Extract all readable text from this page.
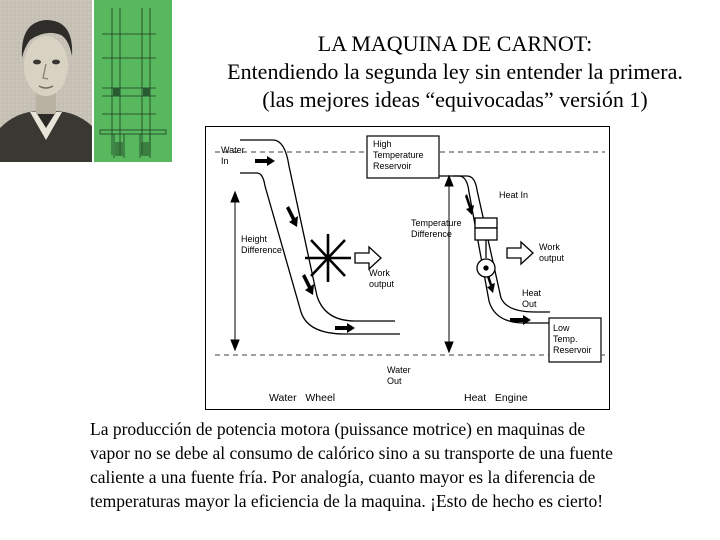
LA MAQUINA DE CARNOT:
Entendiendo la segunda ley sin entender la primera.
(las mejores ideas “equivocadas” versión 1)
Water
In
Height
Difference
Work
output
Water
Out
High
Temperature
Reservoir
Heat In
Temperature
Difference
Work
output
Heat
Out
Low
Temp.
Reservoir
Water   Wheel	Heat   Engine
La producción de potencia motora (puissance motrice) en maquinas de
vapor no se debe al consumo de calórico sino a su transporte de una fuente
caliente a una fuente fría. Por analogía, cuanto mayor es la diferencia de
temperaturas mayor la eficiencia de la maquina. ¡Esto de hecho es cierto!
